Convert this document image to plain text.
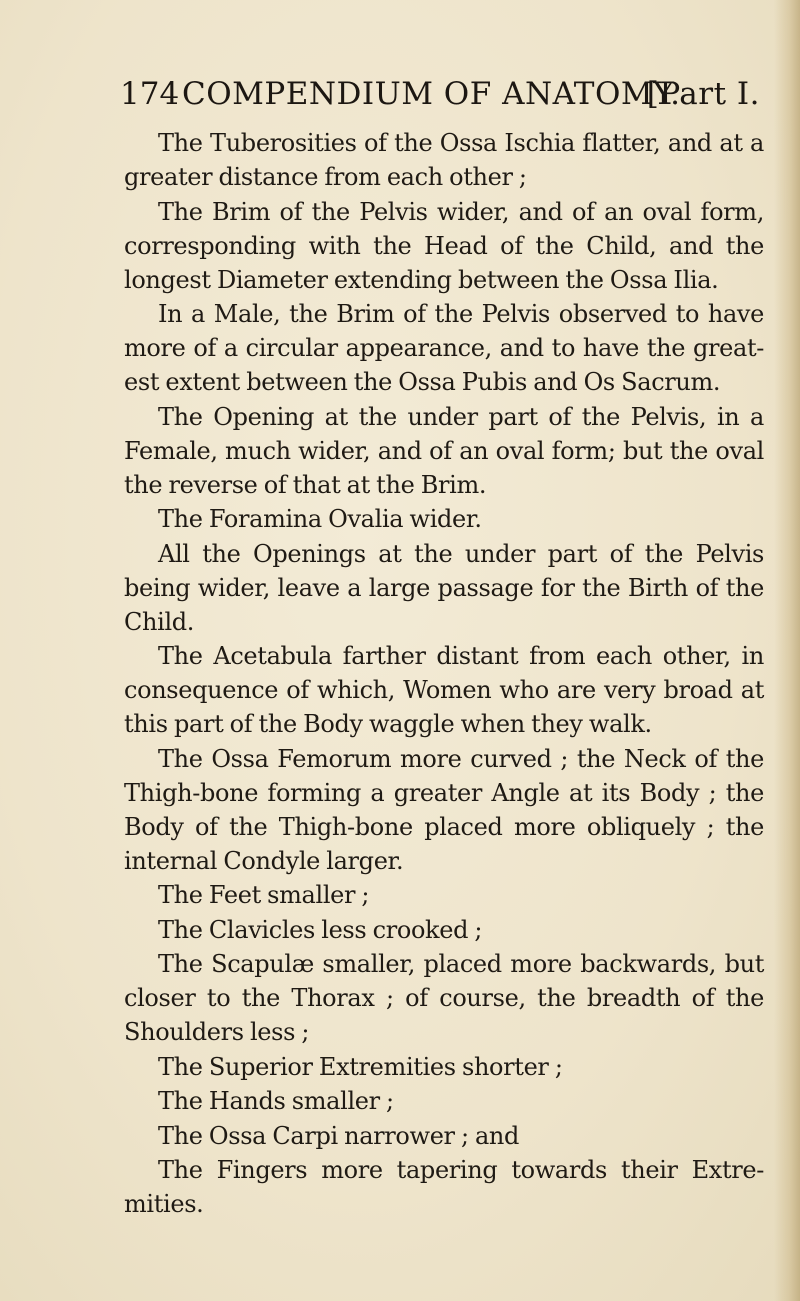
174COMPENDIUM OF ANATOMY.
[Part I.

The Tuberosities of the Ossa Ischia flatter, and at a greater distance from each other ;

The Brim of the Pelvis wider, and of an oval form, corresponding with the Head of the Child, and the longest Diameter extending between the Ossa Ilia.

In a Male, the Brim of the Pelvis observed to have more of a circular appearance, and to have the great- est extent between the Ossa Pubis and Os Sacrum.

The Opening at the under part of the Pelvis, in a Female, much wider, and of an oval form; but the oval the reverse of that at the Brim.

The Foramina Ovalia wider.

All the Openings at the under part of the Pelvis being wider, leave a large passage for the Birth of the Child.

The Acetabula farther distant from each other, in consequence of which, Women who are very broad at this part of the Body waggle when they walk.

The Ossa Femorum more curved ; the Neck of the Thigh-bone forming a greater Angle at its Body ; the Body of the Thigh-bone placed more obliquely ; the internal Condyle larger.

The Feet smaller ;

The Clavicles less crooked ;

The Scapulæ smaller, placed more backwards, but closer to the Thorax ; of course, the breadth of the Shoulders less ;

The Superior Extremities shorter ;

The Hands smaller ;

The Ossa Carpi narrower ; and

The Fingers more tapering towards their Extre- mities.
